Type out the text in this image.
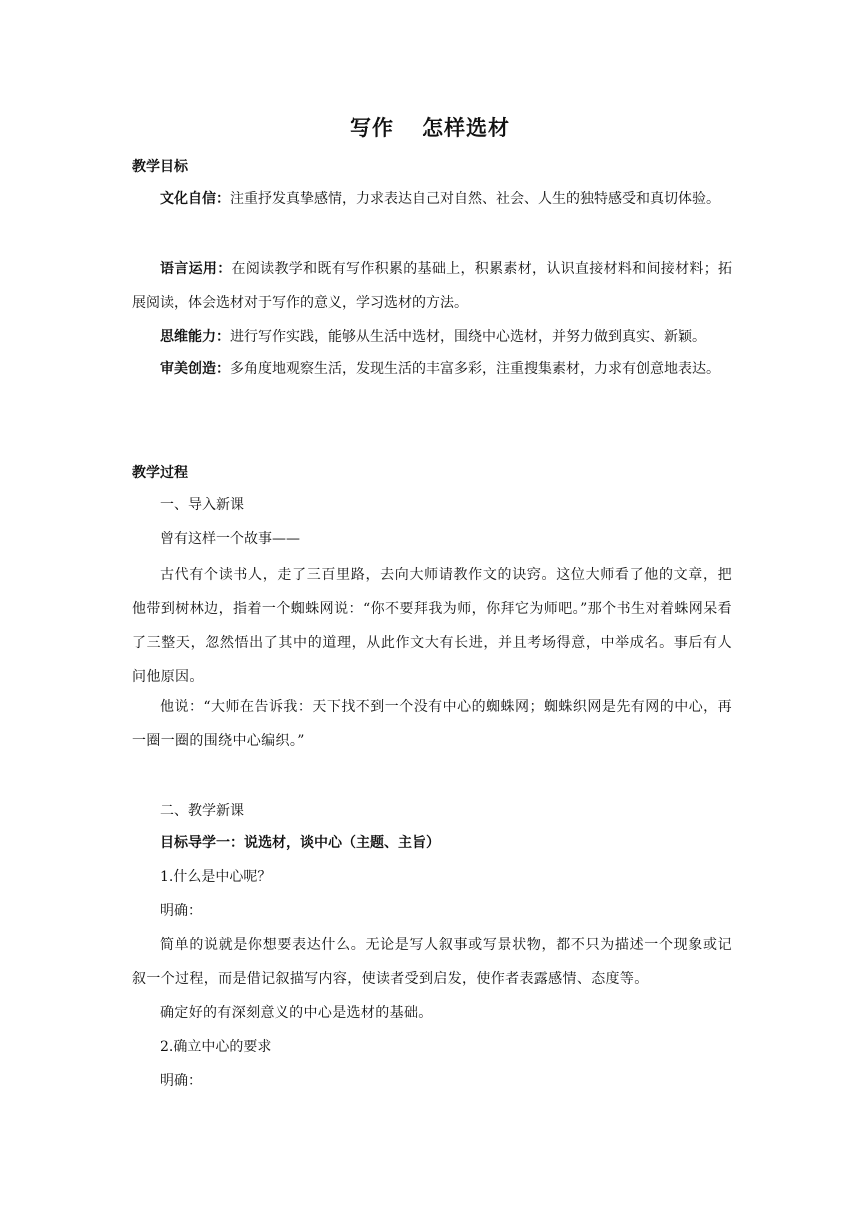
写作 怎样选材
教学目标
文化自信：注重抒发真挚感情，力求表达自己对自然、社会、人生的独特感受和真切体验。
语言运用：在阅读教学和既有写作积累的基础上，积累素材，认识直接材料和间接材料；拓展阅读，体会选材对于写作的意义，学习选材的方法。
思维能力：进行写作实践，能够从生活中选材，围绕中心选材，并努力做到真实、新颖。
审美创造：多角度地观察生活，发现生活的丰富多彩，注重搜集素材，力求有创意地表达。
教学过程
一、导入新课
曾有这样一个故事——
古代有个读书人，走了三百里路，去向大师请教作文的诀窍。这位大师看了他的文章，把他带到树林边，指着一个蜘蛛网说：“你不要拜我为师，你拜它为师吧。”那个书生对着蛛网呆看了三整天，忽然悟出了其中的道理，从此作文大有长进，并且考场得意，中举成名。事后有人问他原因。
他说：“大师在告诉我：天下找不到一个没有中心的蜘蛛网；蜘蛛织网是先有网的中心，再一圈一圈的围绕中心编织。”
二、教学新课
目标导学一：说选材，谈中心（主题、主旨）
1.什么是中心呢？
明确：
简单的说就是你想要表达什么。无论是写人叙事或写景状物，都不只为描述一个现象或记叙一个过程，而是借记叙描写内容，使读者受到启发，使作者表露感情、态度等。
确定好的有深刻意义的中心是选材的基础。
2.确立中心的要求
明确：
